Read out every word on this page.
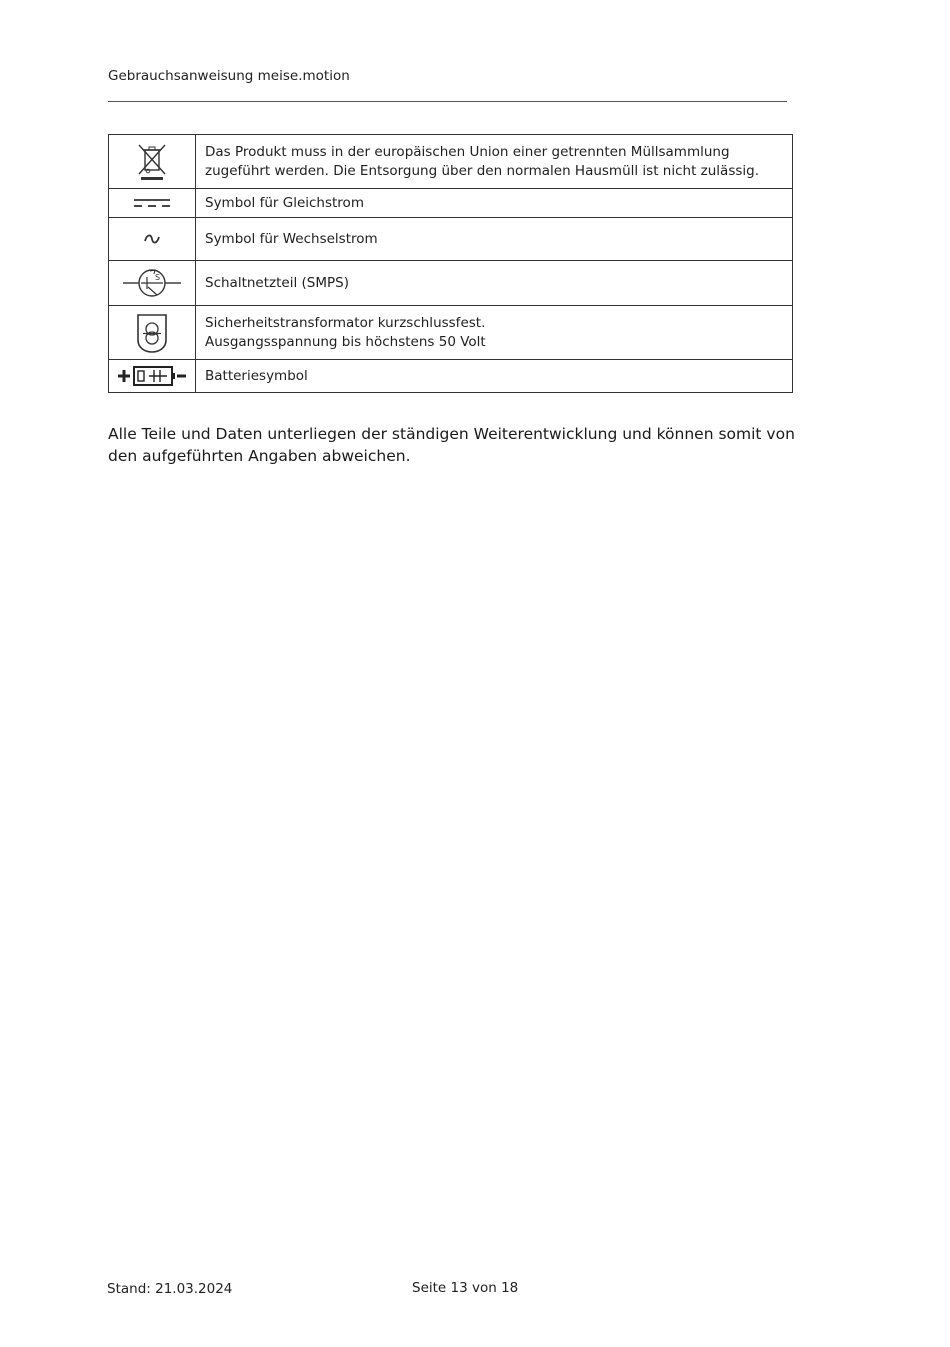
Gebrauchsanweisung meise.motion

Das Produkt muss in der europäischen Union einer getrennten Müllsammlung
zugeführt werden. Die Entsorgung über den normalen Hausmüll ist nicht zulässig.

Symbol für Gleichstrom

Symbol für Wechselstrom

S	Schaltnetzteil (SMPS)

Sicherheitstransformator kurzschlussfest.
Ausgangsspannung bis höchstens 50 Volt

Batteriesymbol
Alle Teile und Daten unterliegen der ständigen Weiterentwicklung und können somit von den aufgeführten Angaben abweichen.
Stand: 21.03.2024	Seite 13 von 18
